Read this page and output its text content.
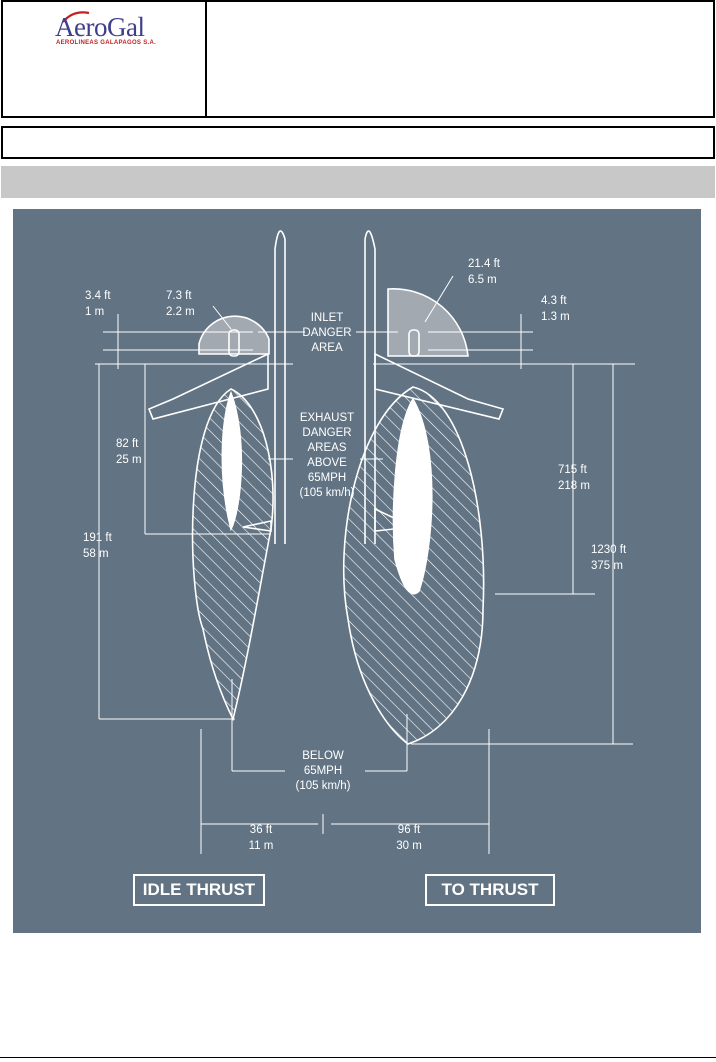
AeroGal
AEROLINEAS GALAPAGOS S.A.
INLET
DANGER
AREA
EXHAUST
DANGER
AREAS
ABOVE
65MPH
(105 km/h)
BELOW
65MPH
(105 km/h)
3.4 ft
1 m
7.3 ft
2.2 m
82 ft
25 m
191 ft
58 m
36 ft
11 m
21.4 ft
6.5 m
4.3 ft
1.3 m
715 ft
218 m
1230 ft
375 m
96 ft
30 m
IDLE THRUST	TO THRUST
